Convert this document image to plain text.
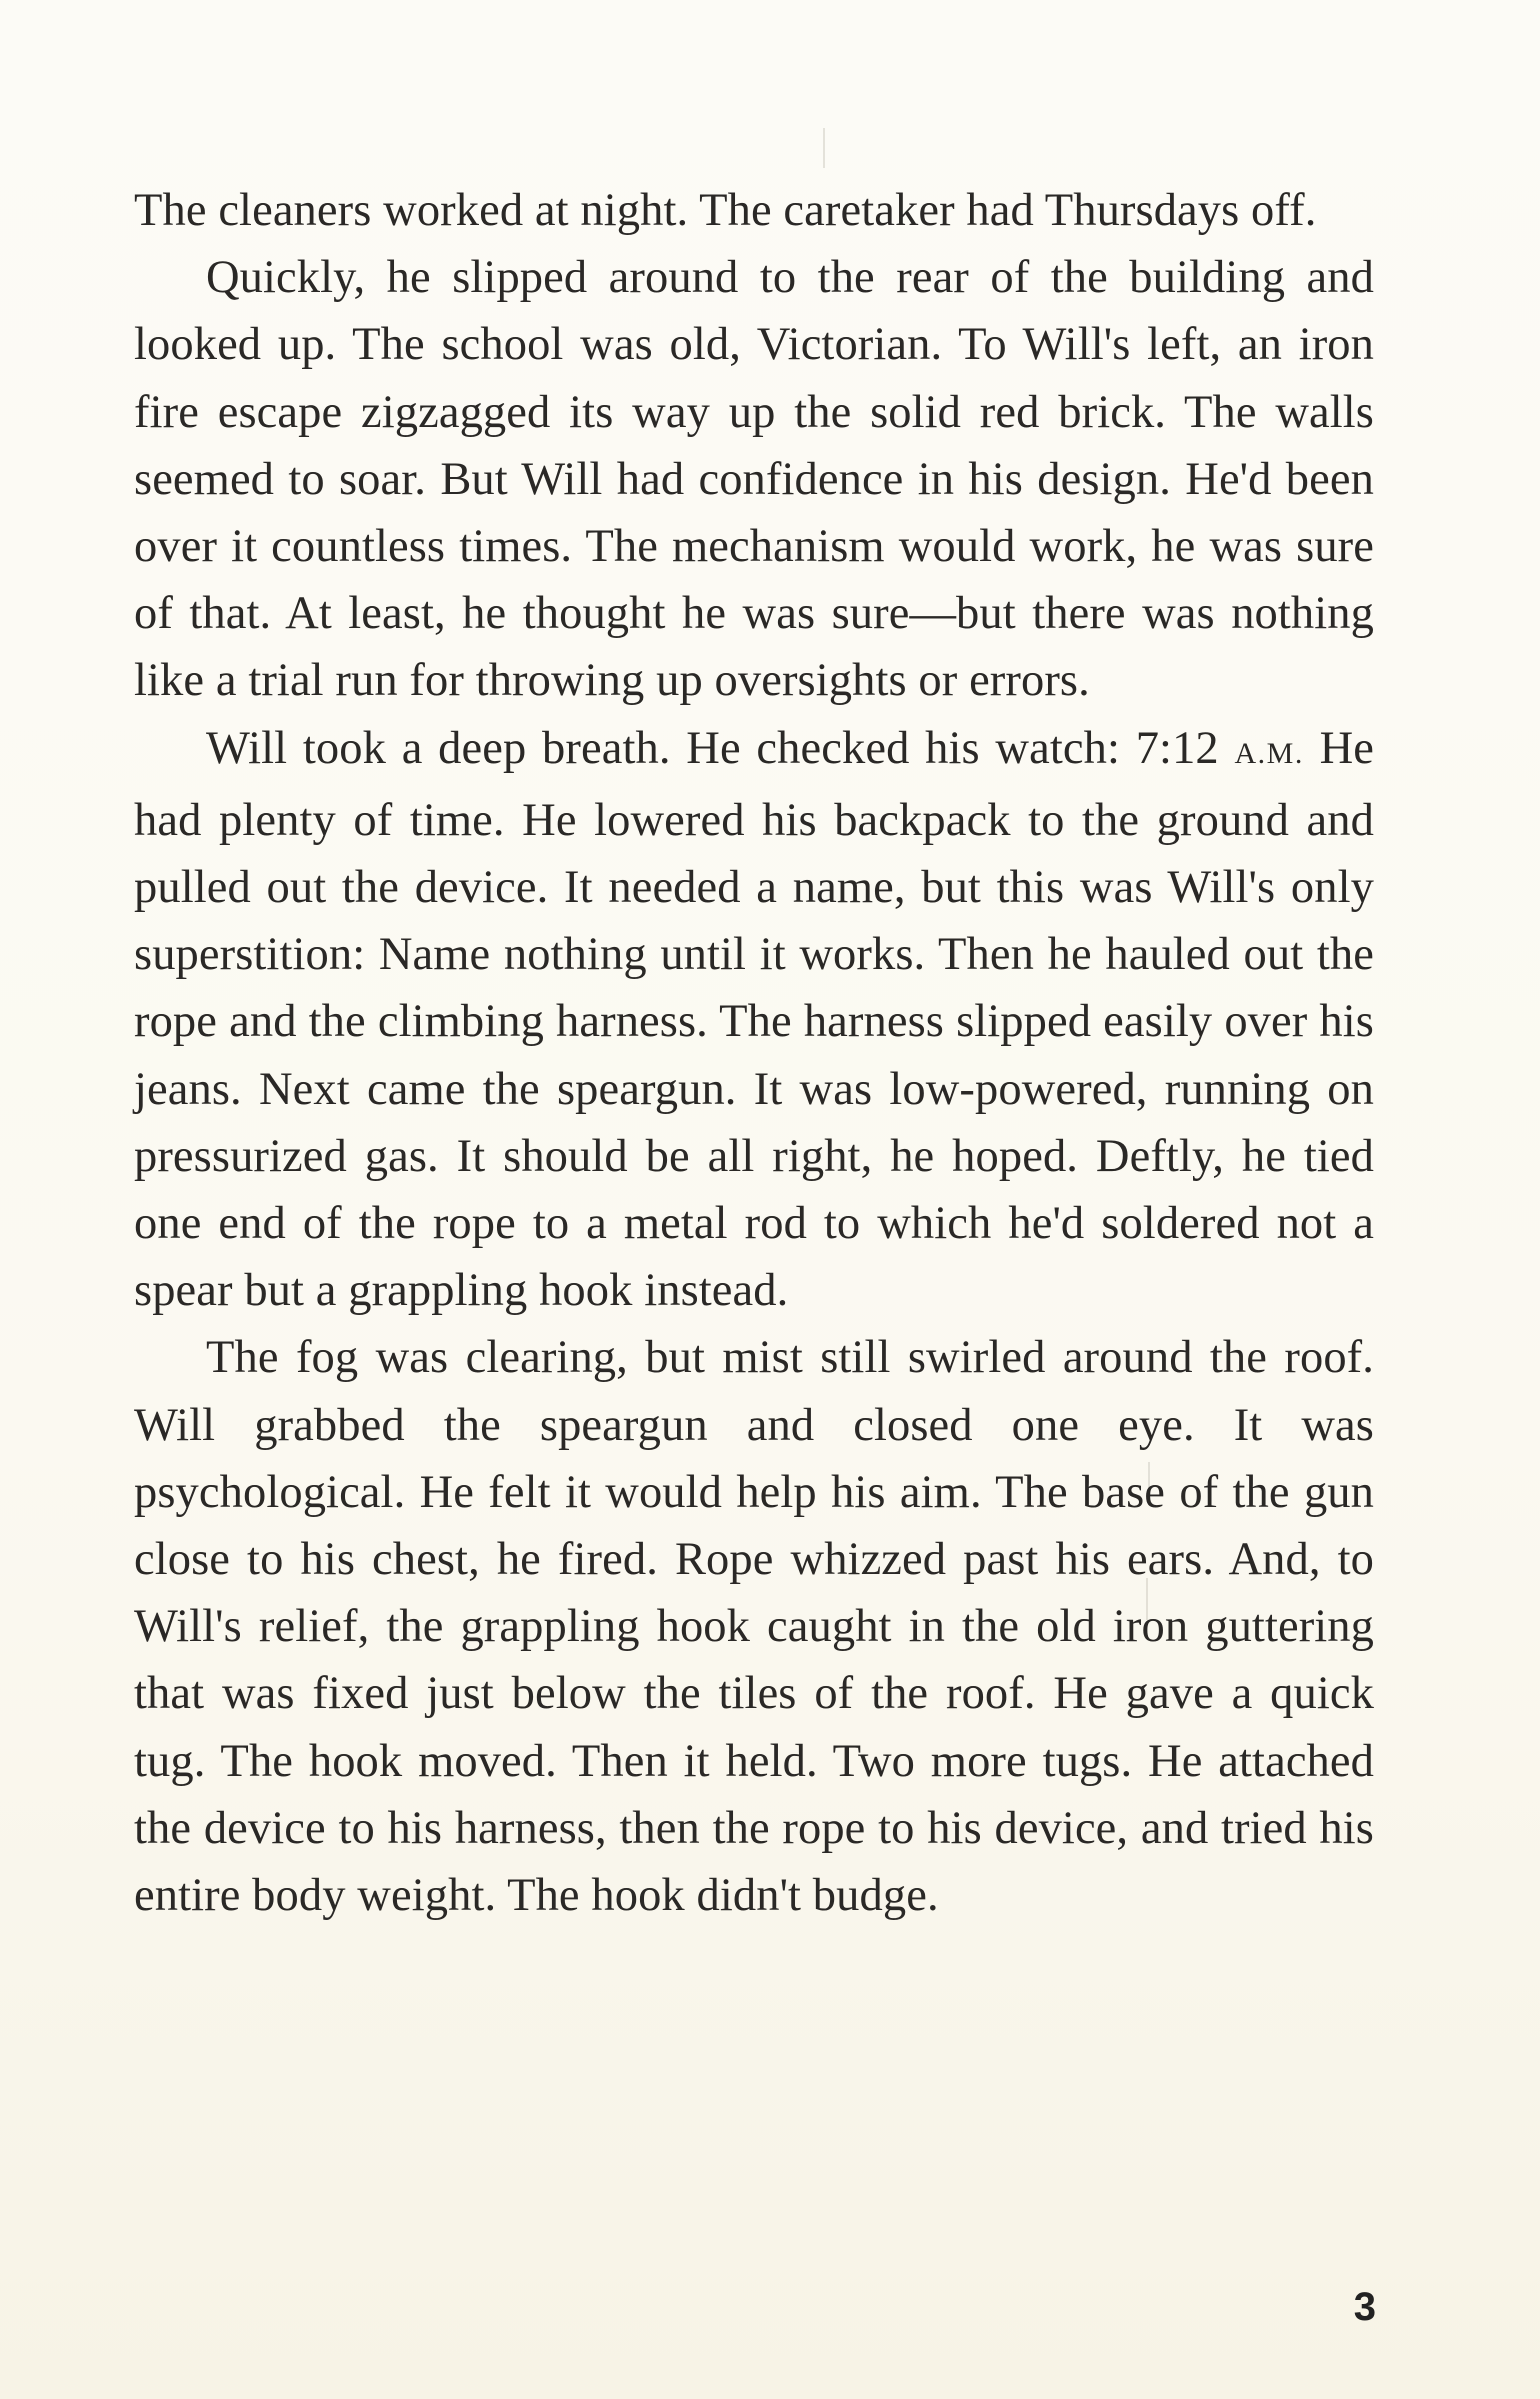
The cleaners worked at night. The caretaker had Thursdays off.

Quickly, he slipped around to the rear of the building and looked up. The school was old, Victorian. To Will's left, an iron fire escape zigzagged its way up the solid red brick. The walls seemed to soar. But Will had confidence in his design. He'd been over it countless times. The mechanism would work, he was sure of that. At least, he thought he was sure—but there was nothing like a trial run for throwing up oversights or errors.

Will took a deep breath. He checked his watch: 7:12 A.M. He had plenty of time. He lowered his backpack to the ground and pulled out the device. It needed a name, but this was Will's only superstition: Name nothing until it works. Then he hauled out the rope and the climbing harness. The harness slipped easily over his jeans. Next came the speargun. It was low-powered, running on pressurized gas. It should be all right, he hoped. Deftly, he tied one end of the rope to a metal rod to which he'd soldered not a spear but a grappling hook instead.

The fog was clearing, but mist still swirled around the roof. Will grabbed the speargun and closed one eye. It was psychological. He felt it would help his aim. The base of the gun close to his chest, he fired. Rope whizzed past his ears. And, to Will's relief, the grappling hook caught in the old iron guttering that was fixed just below the tiles of the roof. He gave a quick tug. The hook moved. Then it held. Two more tugs. He attached the device to his harness, then the rope to his device, and tried his entire body weight. The hook didn't budge.

3
